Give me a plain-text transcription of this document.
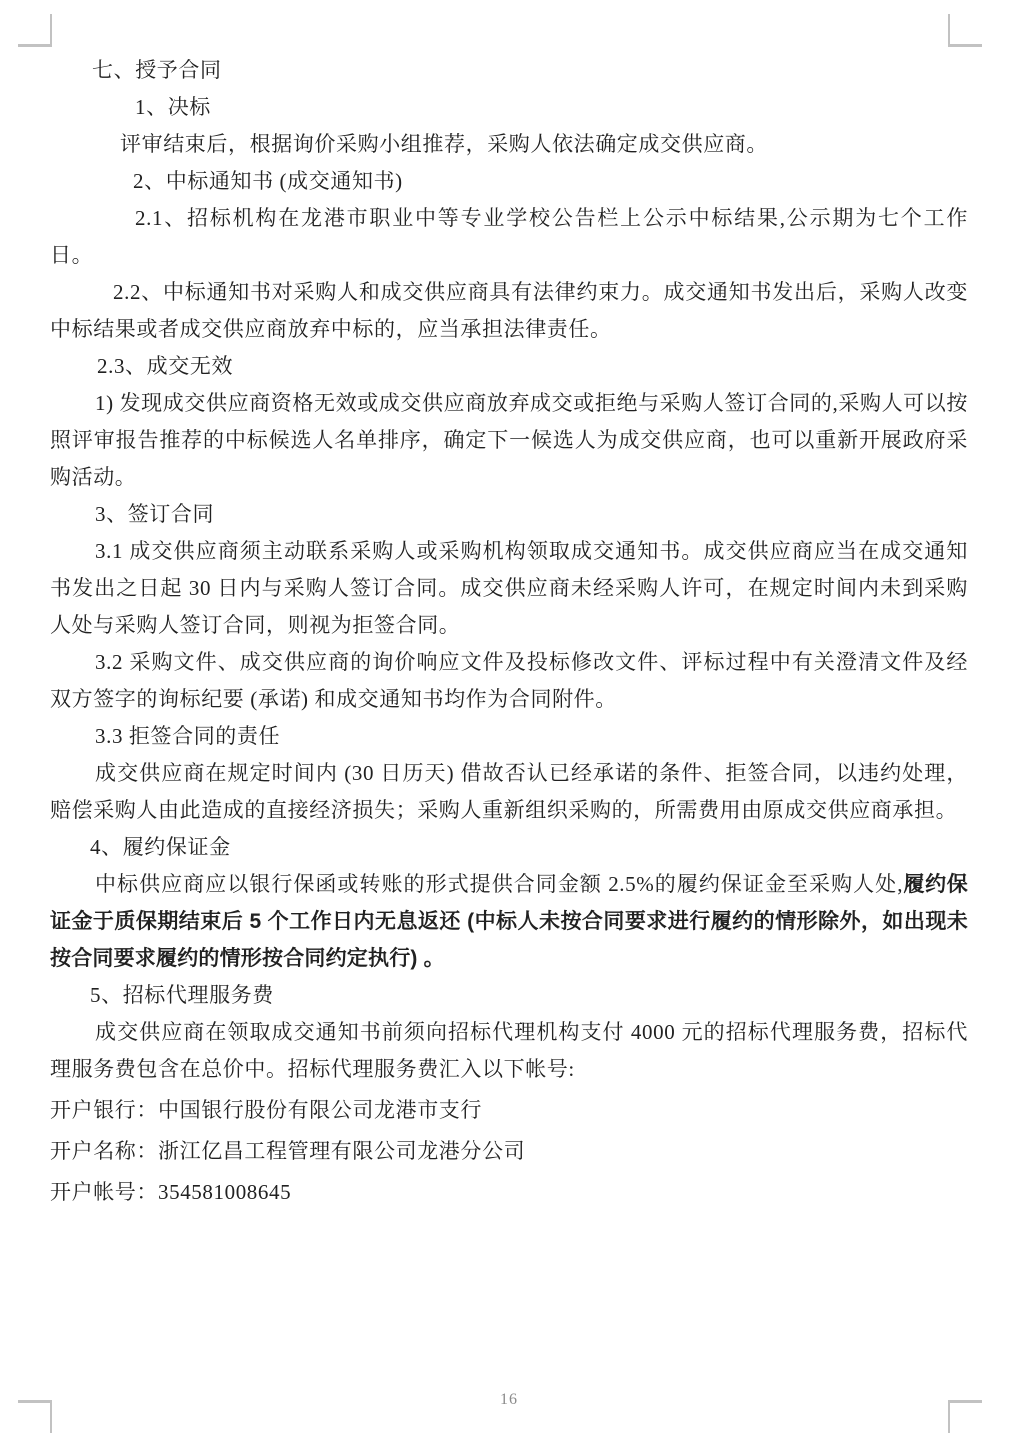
七、授予合同
1、决标
评审结束后，根据询价采购小组推荐，采购人依法确定成交供应商。
2、中标通知书 (成交通知书)
2.1、招标机构在龙港市职业中等专业学校公告栏上公示中标结果,公示期为七个工作日。
2.2、中标通知书对采购人和成交供应商具有法律约束力。成交通知书发出后，采购人改变中标结果或者成交供应商放弃中标的，应当承担法律责任。
2.3、成交无效
1) 发现成交供应商资格无效或成交供应商放弃成交或拒绝与采购人签订合同的,采购人可以按照评审报告推荐的中标候选人名单排序，确定下一候选人为成交供应商，也可以重新开展政府采购活动。
3、签订合同
3.1 成交供应商须主动联系采购人或采购机构领取成交通知书。成交供应商应当在成交通知书发出之日起 30 日内与采购人签订合同。成交供应商未经采购人许可，在规定时间内未到采购人处与采购人签订合同，则视为拒签合同。
3.2 采购文件、成交供应商的询价响应文件及投标修改文件、评标过程中有关澄清文件及经双方签字的询标纪要 (承诺) 和成交通知书均作为合同附件。
3.3 拒签合同的责任
成交供应商在规定时间内 (30 日历天) 借故否认已经承诺的条件、拒签合同，以违约处理，赔偿采购人由此造成的直接经济损失；采购人重新组织采购的，所需费用由原成交供应商承担。
4、履约保证金
中标供应商应以银行保函或转账的形式提供合同金额 2.5%的履约保证金至采购人处,履约保证金于质保期结束后 5 个工作日内无息返还 (中标人未按合同要求进行履约的情形除外，如出现未按合同要求履约的情形按合同约定执行) 。
5、招标代理服务费
成交供应商在领取成交通知书前须向招标代理机构支付 4000 元的招标代理服务费，招标代理服务费包含在总价中。招标代理服务费汇入以下帐号:
开户银行：中国银行股份有限公司龙港市支行
开户名称：浙江亿昌工程管理有限公司龙港分公司
开户帐号：354581008645
16
